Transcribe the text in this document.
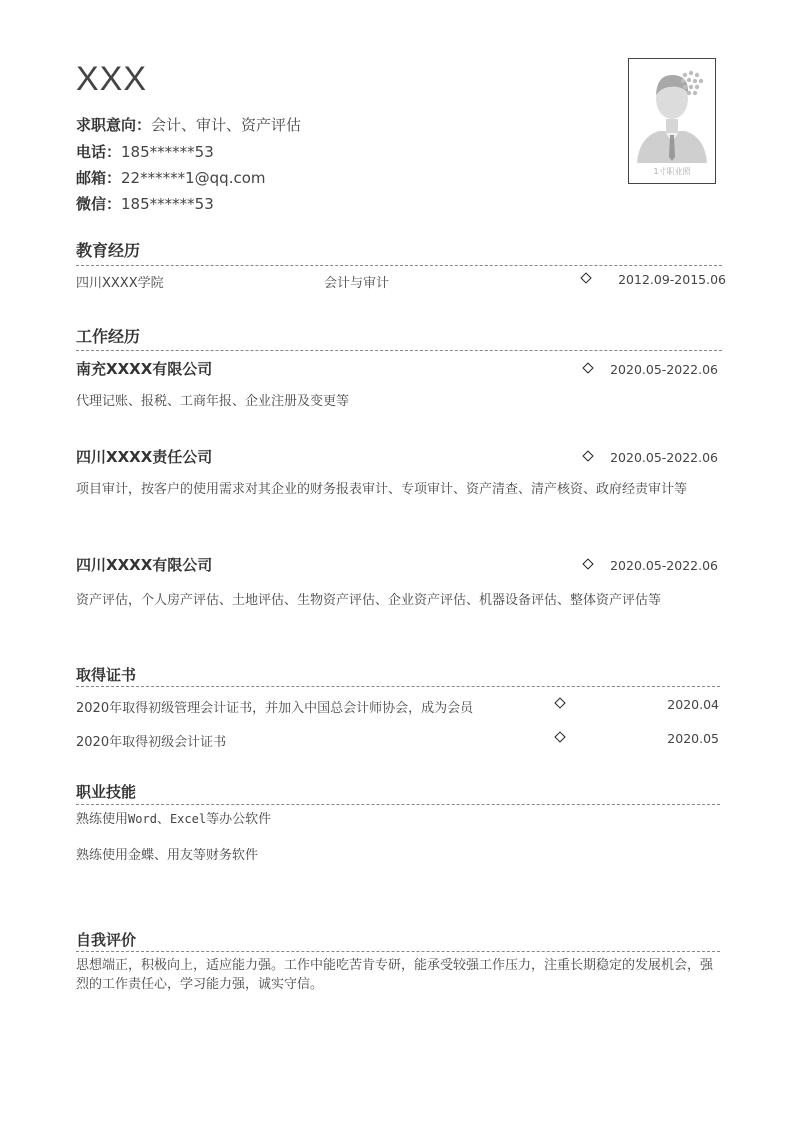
XXX
求职意向：会计、审计、资产评估
电话：185******53
邮箱：22******1@qq.com
微信：185******53
1寸职业照
教育经历
四川XXXX学院	会计与审计	2012.09-2015.06
工作经历
南充XXXX有限公司	2020.05-2022.06
代理记账、报税、工商年报、企业注册及变更等
四川XXXX责任公司	2020.05-2022.06
项目审计，按客户的使用需求对其企业的财务报表审计、专项审计、资产清查、清产核资、政府经责审计等
四川XXXX有限公司	2020.05-2022.06
资产评估，个人房产评估、土地评估、生物资产评估、企业资产评估、机器设备评估、整体资产评估等
取得证书
2020年取得初级管理会计证书，并加入中国总会计师协会，成为会员	2020.04
2020年取得初级会计证书	2020.05
职业技能
熟练使用Word、Excel等办公软件
熟练使用金蝶、用友等财务软件
自我评价
思想端正，积极向上，适应能力强。工作中能吃苦肯专研，能承受较强工作压力，注重长期稳定的发展机会，强烈的工作责任心，学习能力强，诚实守信。
